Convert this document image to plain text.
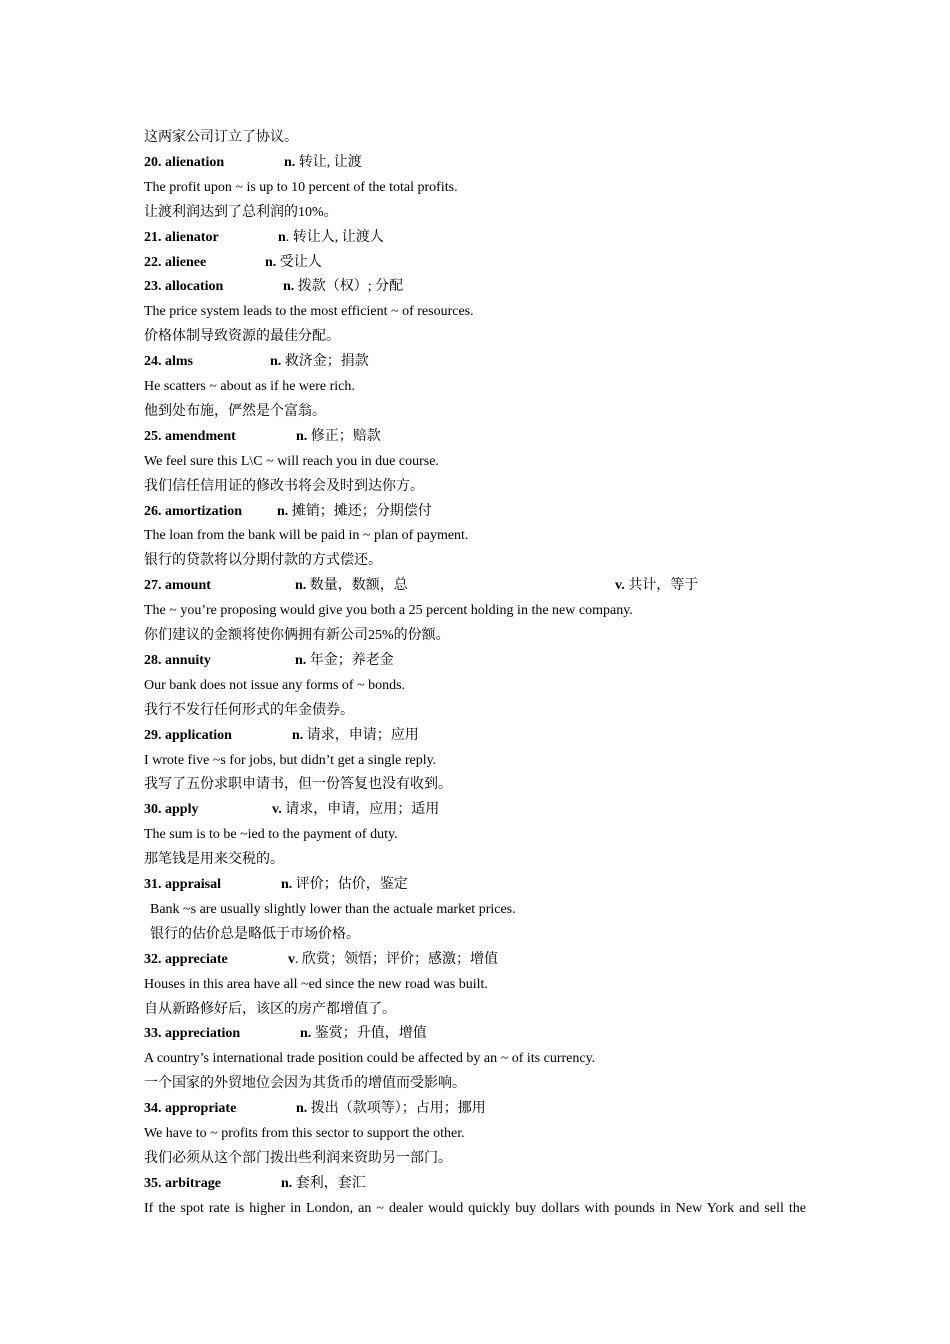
这两家公司订立了协议。
20. alienation	n. 转让, 让渡
The profit upon ~ is up to 10 percent of the total profits.
让渡利润达到了总利润的10%。
21. alienator	n. 转让人, 让渡人
22. alienee	n. 受让人
23. allocation	n. 拨款（权）; 分配
The price system leads to the most efficient ~ of resources.
价格体制导致资源的最佳分配。
24. alms	n. 救济金；捐款
He scatters ~ about as if he were rich.
他到处布施，俨然是个富翁。
25. amendment	n. 修正；赔款
We feel sure this L\C ~ will reach you in due course.
我们信任信用证的修改书将会及时到达你方。
26. amortization	n. 摊销；摊还；分期偿付
The loan from the bank will be paid in ~ plan of payment.
银行的贷款将以分期付款的方式偿还。
27. amount	n. 数量，数额，总	v. 共计，等于
The ~ you’re proposing would give you both a 25 percent holding in the new company.
你们建议的金额将使你俩拥有新公司25%的份额。
28. annuity	n. 年金；养老金
Our bank does not issue any forms of ~ bonds.
我行不发行任何形式的年金债券。
29. application	n. 请求，申请；应用
I wrote five ~s for jobs, but didn’t get a single reply.
我写了五份求职申请书，但一份答复也没有收到。
30. apply	v. 请求，申请，应用；适用
The sum is to be ~ied to the payment of duty.
那笔钱是用来交税的。
31. appraisal	n. 评价；估价，鉴定
Bank ~s are usually slightly lower than the actuale market prices.
银行的估价总是略低于市场价格。
32. appreciate	v. 欣赏；领悟；评价；感激；增值
Houses in this area have all ~ed since the new road was built.
自从新路修好后，该区的房产都增值了。
33. appreciation	n. 鉴赏；升值，增值
A country’s international trade position could be affected by an ~ of its currency.
一个国家的外贸地位会因为其货币的增值而受影响。
34. appropriate	n. 拨出（款项等）；占用；挪用
We have to ~ profits from this sector to support the other.
我们必须从这个部门拨出些利润来资助另一部门。
35. arbitrage	n. 套利，套汇
If the spot rate is higher in London, an ~ dealer would quickly buy dollars with pounds in New York and sell the
